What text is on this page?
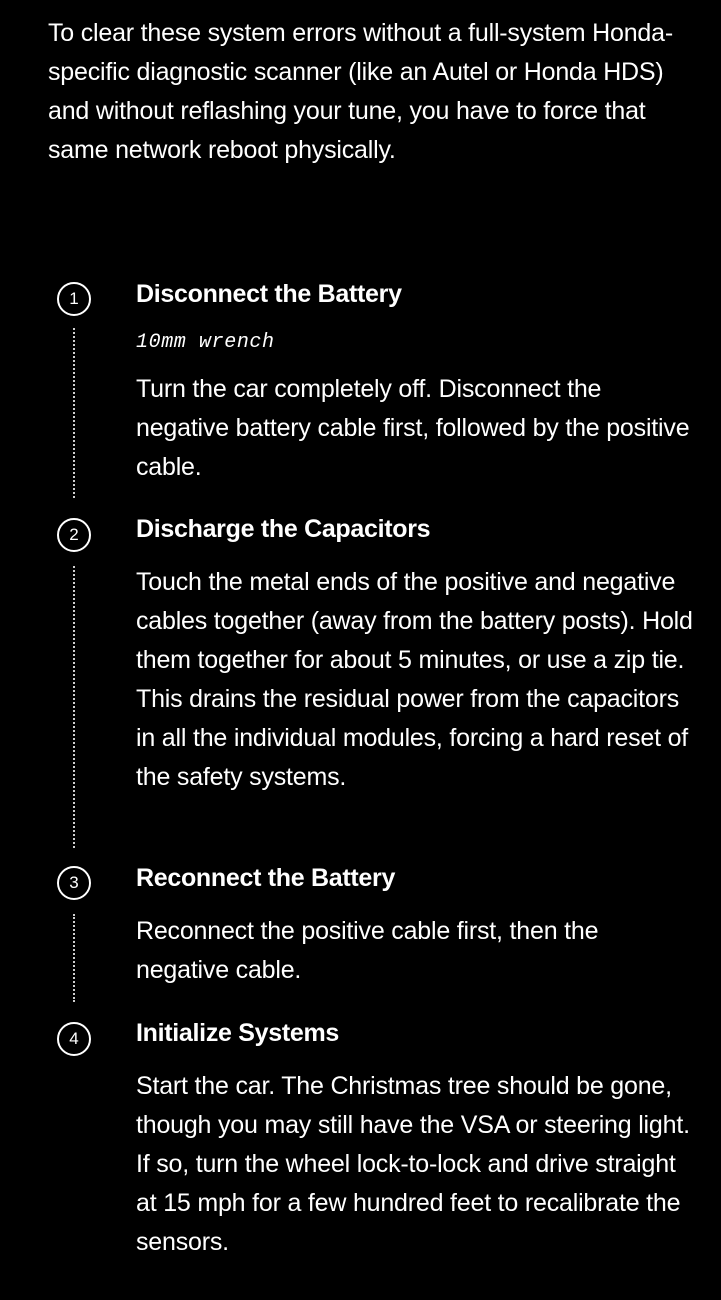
To clear these system errors without a full-system Honda-specific diagnostic scanner (like an Autel or Honda HDS) and without reflashing your tune, you have to force that same network reboot physically.

1	Disconnect the Battery

10mm wrench

Turn the car completely off. Disconnect the negative battery cable first, followed by the positive cable.

2	Discharge the Capacitors

Touch the metal ends of the positive and negative cables together (away from the battery posts). Hold them together for about 5 minutes, or use a zip tie. This drains the residual power from the capacitors in all the individual modules, forcing a hard reset of the safety systems.

3	Reconnect the Battery

Reconnect the positive cable first, then the negative cable.

4	Initialize Systems

Start the car. The Christmas tree should be gone, though you may still have the VSA or steering light. If so, turn the wheel lock-to-lock and drive straight at 15 mph for a few hundred feet to recalibrate the sensors.
